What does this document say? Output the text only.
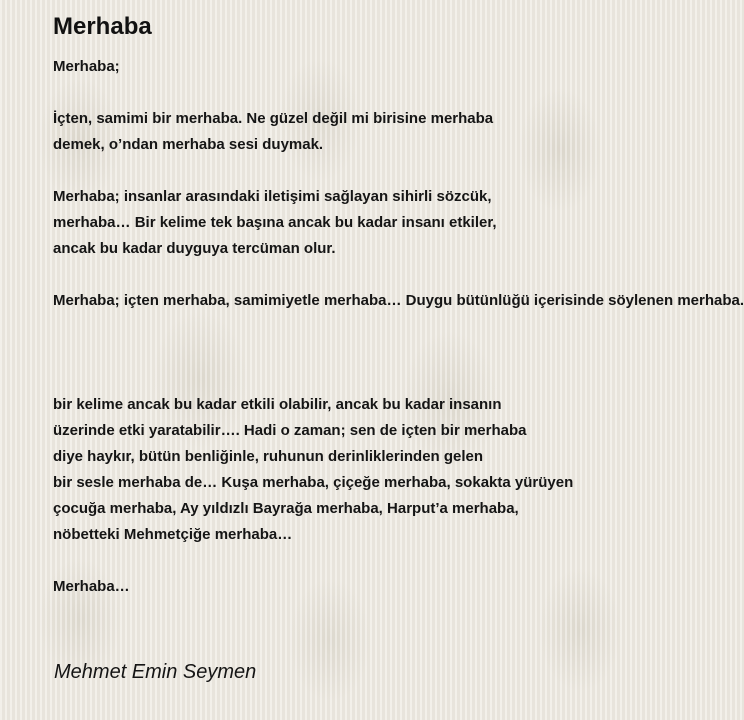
Merhaba

Merhaba;

İçten, samimi bir merhaba. Ne güzel değil mi birisine merhaba
demek, o’ndan merhaba sesi duymak.

Merhaba; insanlar arasındaki iletişimi sağlayan sihirli sözcük,
merhaba… Bir kelime tek başına ancak bu kadar insanı etkiler,
ancak bu kadar duyguya tercüman olur.

Merhaba; içten merhaba, samimiyetle merhaba… Duygu bütünlüğü içerisinde söylenen merhaba.

bir kelime ancak bu kadar etkili olabilir, ancak bu kadar insanın
üzerinde etki yaratabilir…. Hadi o zaman; sen de içten bir merhaba
diye haykır, bütün benliğinle, ruhunun derinliklerinden gelen
bir sesle merhaba de… Kuşa merhaba, çiçeğe merhaba, sokakta yürüyen
çocuğa merhaba, Ay yıldızlı Bayrağa merhaba, Harput’a merhaba,
nöbetteki Mehmetçiğe merhaba…

Merhaba…

Mehmet Emin Seymen
